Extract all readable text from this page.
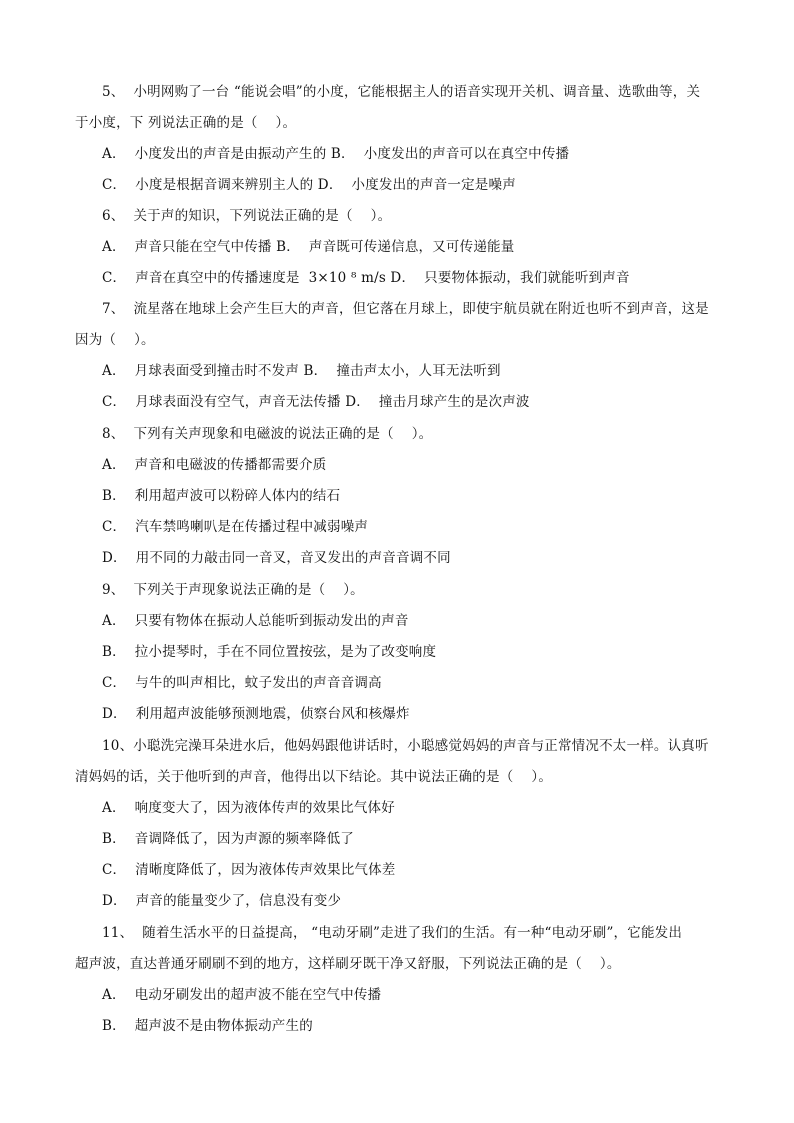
5、  小明网购了一台 “能说会唱”的小度，它能根据主人的语音实现开关机、调音量、选歌曲等，关
于小度，下 列说法正确的是（    ）。
A．  小度发出的声音是由振动产生的 B．  小度发出的声音可以在真空中传播
C．  小度是根据音调来辨别主人的 D．  小度发出的声音一定是噪声
6、  关于声的知识，下列说法正确的是（    ）。
A．  声音只能在空气中传播 B．  声音既可传递信息，又可传递能量
C．  声音在真空中的传播速度是  3×10 ⁸ m/s D．  只要物体振动，我们就能听到声音
7、  流星落在地球上会产生巨大的声音，但它落在月球上，即使宇航员就在附近也听不到声音，这是
因为（    ）。
A．  月球表面受到撞击时不发声 B．  撞击声太小，人耳无法听到
C．  月球表面没有空气，声音无法传播 D．  撞击月球产生的是次声波
8、  下列有关声现象和电磁波的说法正确的是（    ）。
A．  声音和电磁波的传播都需要介质
B．  利用超声波可以粉碎人体内的结石
C．  汽车禁鸣喇叭是在传播过程中减弱噪声
D．  用不同的力敲击同一音叉，音叉发出的声音音调不同
9、  下列关于声现象说法正确的是（    ）。
A．  只要有物体在振动人总能听到振动发出的声音
B．  拉小提琴时，手在不同位置按弦，是为了改变响度
C．  与牛的叫声相比，蚊子发出的声音音调高
D．  利用超声波能够预测地震，侦察台风和核爆炸
10、小聪洗完澡耳朵进水后，他妈妈跟他讲话时，小聪感觉妈妈的声音与正常情况不太一样。认真听
清妈妈的话，关于他听到的声音，他得出以下结论。其中说法正确的是（    ）。
A．  响度变大了，因为液体传声的效果比气体好
B．  音调降低了，因为声源的频率降低了
C．  清晰度降低了，因为液体传声效果比气体差
D．  声音的能量变少了，信息没有变少
11、  随着生活水平的日益提高， “电动牙刷”走进了我们的生活。有一种“电动牙刷”，它能发出
超声波，直达普通牙刷刷不到的地方，这样刷牙既干净又舒服，下列说法正确的是（    ）。
A．  电动牙刷发出的超声波不能在空气中传播
B．  超声波不是由物体振动产生的
